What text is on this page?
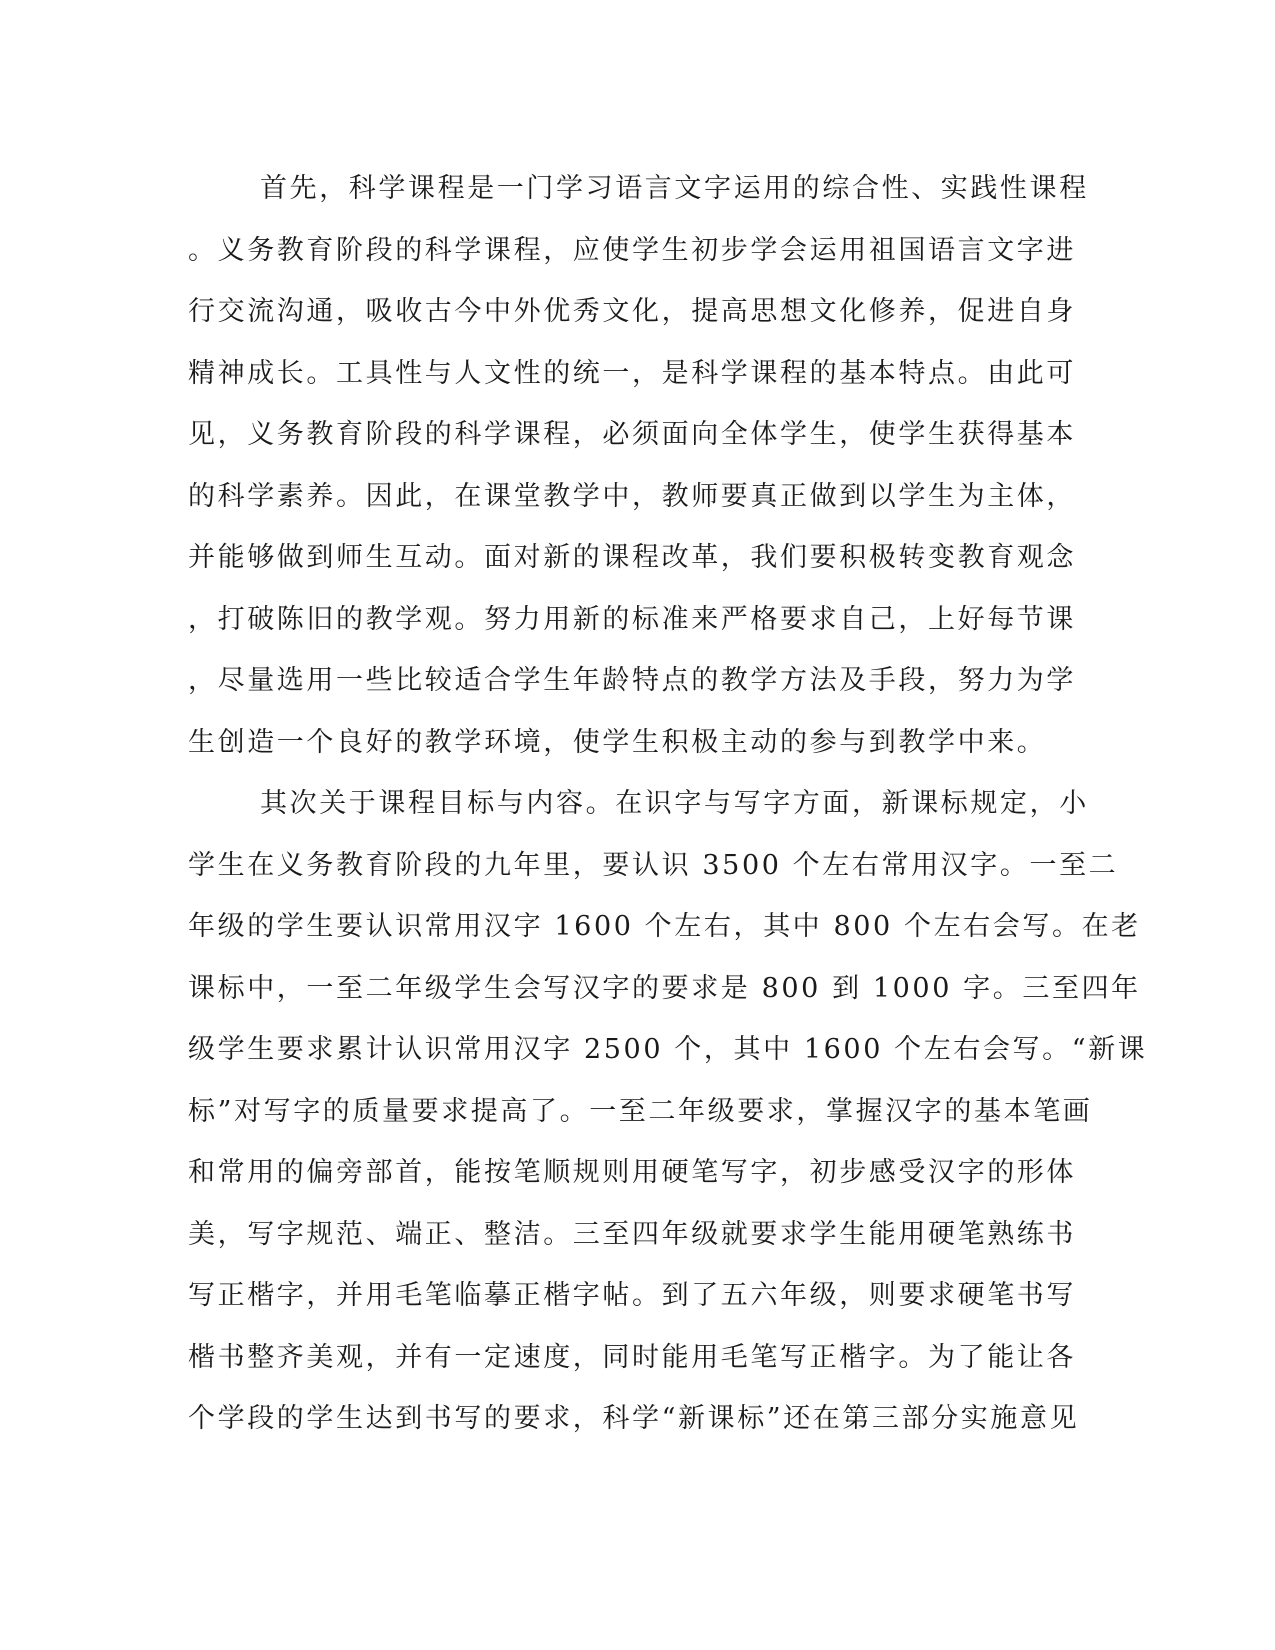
首先，科学课程是一门学习语言文字运用的综合性、实践性课程
。义务教育阶段的科学课程，应使学生初步学会运用祖国语言文字进
行交流沟通，吸收古今中外优秀文化，提高思想文化修养，促进自身
精神成长。工具性与人文性的统一，是科学课程的基本特点。由此可
见，义务教育阶段的科学课程，必须面向全体学生，使学生获得基本
的科学素养。因此，在课堂教学中，教师要真正做到以学生为主体，
并能够做到师生互动。面对新的课程改革，我们要积极转变教育观念
，打破陈旧的教学观。努力用新的标准来严格要求自己，上好每节课
，尽量选用一些比较适合学生年龄特点的教学方法及手段，努力为学
生创造一个良好的教学环境，使学生积极主动的参与到教学中来。
其次关于课程目标与内容。在识字与写字方面，新课标规定，小
学生在义务教育阶段的九年里，要认识 3500 个左右常用汉字。一至二
年级的学生要认识常用汉字 1600 个左右，其中 800 个左右会写。在老
课标中，一至二年级学生会写汉字的要求是 800 到 1000 字。三至四年
级学生要求累计认识常用汉字 2500 个，其中 1600 个左右会写。“新课
标”对写字的质量要求提高了。一至二年级要求，掌握汉字的基本笔画
和常用的偏旁部首，能按笔顺规则用硬笔写字，初步感受汉字的形体
美，写字规范、端正、整洁。三至四年级就要求学生能用硬笔熟练书
写正楷字，并用毛笔临摹正楷字帖。到了五六年级，则要求硬笔书写
楷书整齐美观，并有一定速度，同时能用毛笔写正楷字。为了能让各
个学段的学生达到书写的要求，科学“新课标”还在第三部分实施意见
